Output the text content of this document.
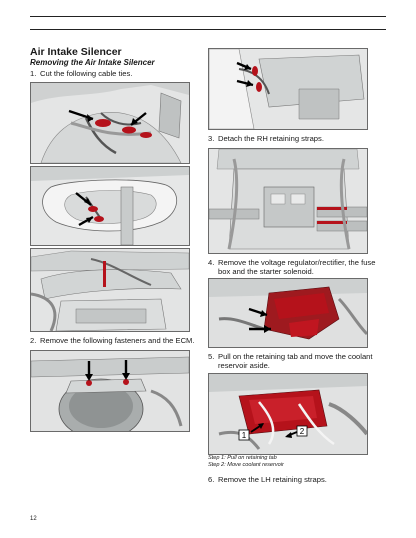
Air Intake Silencer
Removing the Air Intake Silencer
1. Cut the following cable ties.
2. Remove the following fasteners and the ECM.
12
3. Detach the RH retaining straps.
4. Remove the voltage regulator/rectifier, the fuse
box and the starter solenoid.
5. Pull on the retaining tab and move the coolant
reservoir aside.
1	2
Step 1: Pull on retaining tab
Step 2: Move coolant reservoir
6. Remove the LH retaining straps.
